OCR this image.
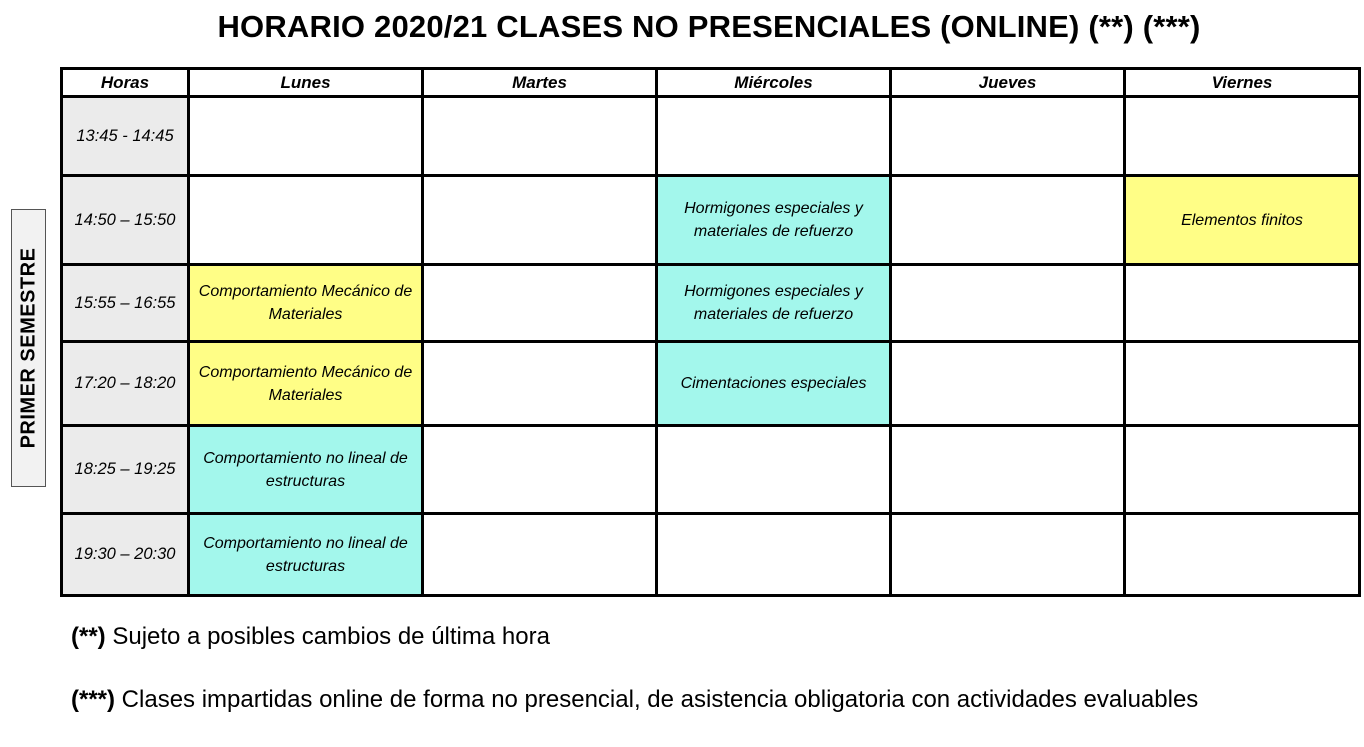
HORARIO 2020/21 CLASES NO PRESENCIALES (ONLINE) (**) (***)
PRIMER SEMESTRE
Horas	Lunes	Martes	Miércoles	Jueves	Viernes
13:45 - 14:45					
14:50 – 15:50			Hormigones especiales y materiales de refuerzo		Elementos finitos
15:55 – 16:55	Comportamiento Mecánico de Materiales		Hormigones especiales y materiales de refuerzo		
17:20 – 18:20	Comportamiento Mecánico de Materiales		Cimentaciones especiales		
18:25 – 19:25	Comportamiento no lineal de estructuras				
19:30 – 20:30	Comportamiento no lineal de estructuras				
(**) Sujeto a posibles cambios de última hora
(***) Clases impartidas online de forma no presencial, de asistencia obligatoria con actividades evaluables
